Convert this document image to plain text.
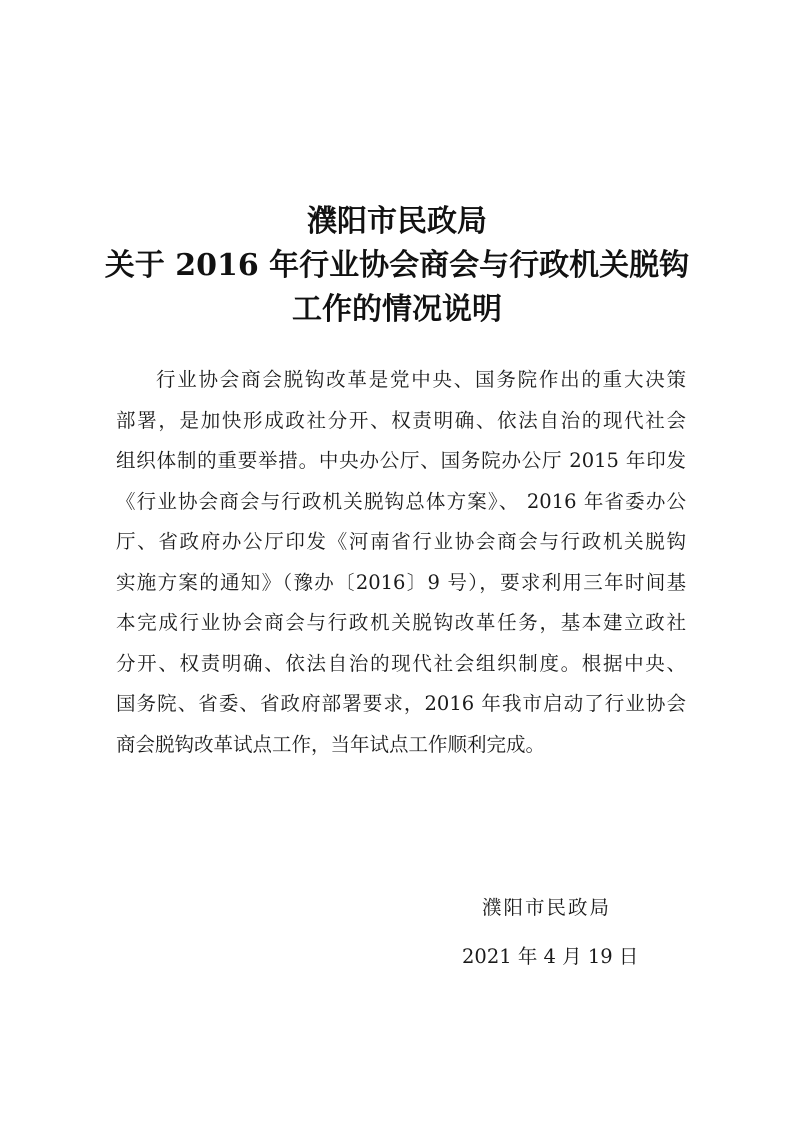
濮阳市民政局
关于 2016 年行业协会商会与行政机关脱钩
工作的情况说明
行业协会商会脱钩改革是党中央、国务院作出的重大决策
部署，是加快形成政社分开、权责明确、依法自治的现代社会
组织体制的重要举措。中央办公厅、国务院办公厅 2015 年印发
《行业协会商会与行政机关脱钩总体方案》、 2016 年省委办公
厅、省政府办公厅印发《河南省行业协会商会与行政机关脱钩
实施方案的通知》（豫办〔2016〕9 号），要求利用三年时间基
本完成行业协会商会与行政机关脱钩改革任务，基本建立政社
分开、权责明确、依法自治的现代社会组织制度。根据中央、
国务院、省委、省政府部署要求，2016 年我市启动了行业协会
商会脱钩改革试点工作，当年试点工作顺利完成。
濮阳市民政局
2021 年 4 月 19 日
